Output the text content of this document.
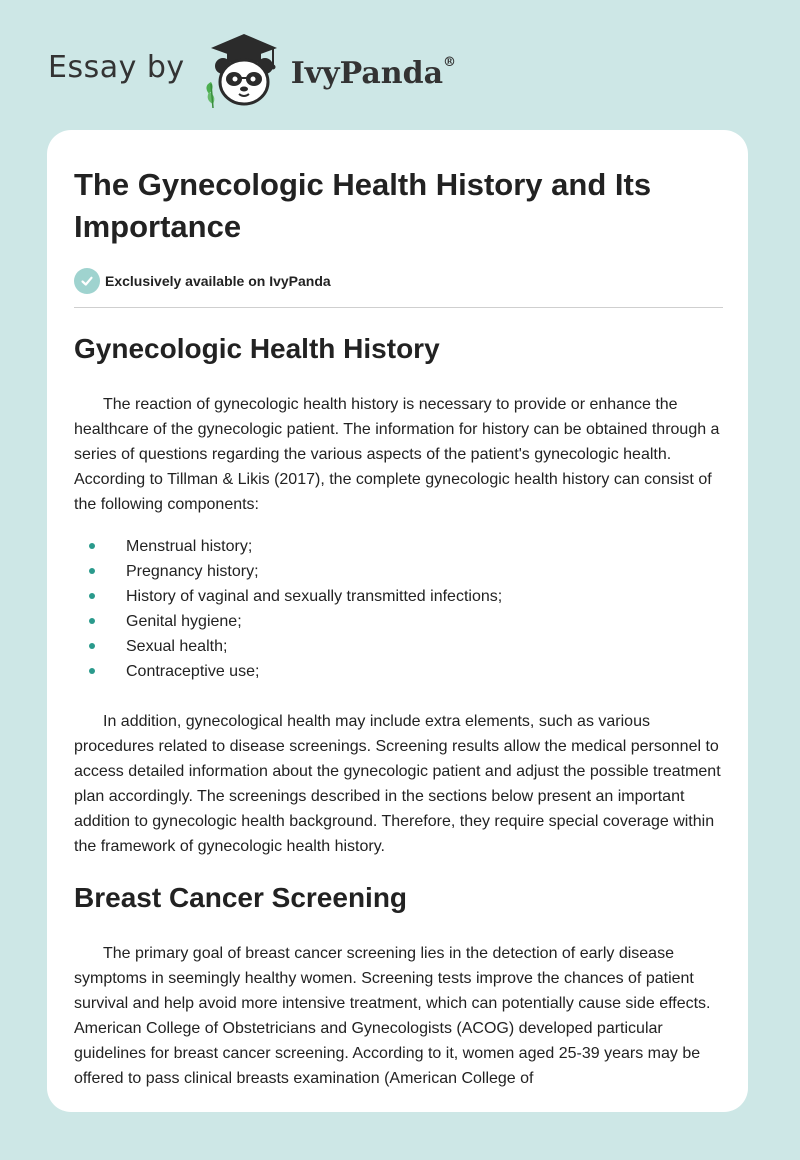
Essay by	IvyPanda®
The Gynecologic Health History and Its Importance
Exclusively available on IvyPanda
Gynecologic Health History

The reaction of gynecologic health history is necessary to provide or enhance the healthcare of the gynecologic patient. The information for history can be obtained through a series of questions regarding the various aspects of the patient's gynecologic health. According to Tillman & Likis (2017), the complete gynecologic health history can consist of the following components:

Menstrual history;
Pregnancy history;
History of vaginal and sexually transmitted infections;
Genital hygiene;
Sexual health;
Contraceptive use;

In addition, gynecological health may include extra elements, such as various procedures related to disease screenings. Screening results allow the medical personnel to access detailed information about the gynecologic patient and adjust the possible treatment plan accordingly. The screenings described in the sections below present an important addition to gynecologic health background. Therefore, they require special coverage within the framework of gynecologic health history.

Breast Cancer Screening

The primary goal of breast cancer screening lies in the detection of early disease symptoms in seemingly healthy women. Screening tests improve the chances of patient survival and help avoid more intensive treatment, which can potentially cause side effects. American College of Obstetricians and Gynecologists (ACOG) developed particular guidelines for breast cancer screening. According to it, women aged 25-39 years may be offered to pass clinical breasts examination (American College of
